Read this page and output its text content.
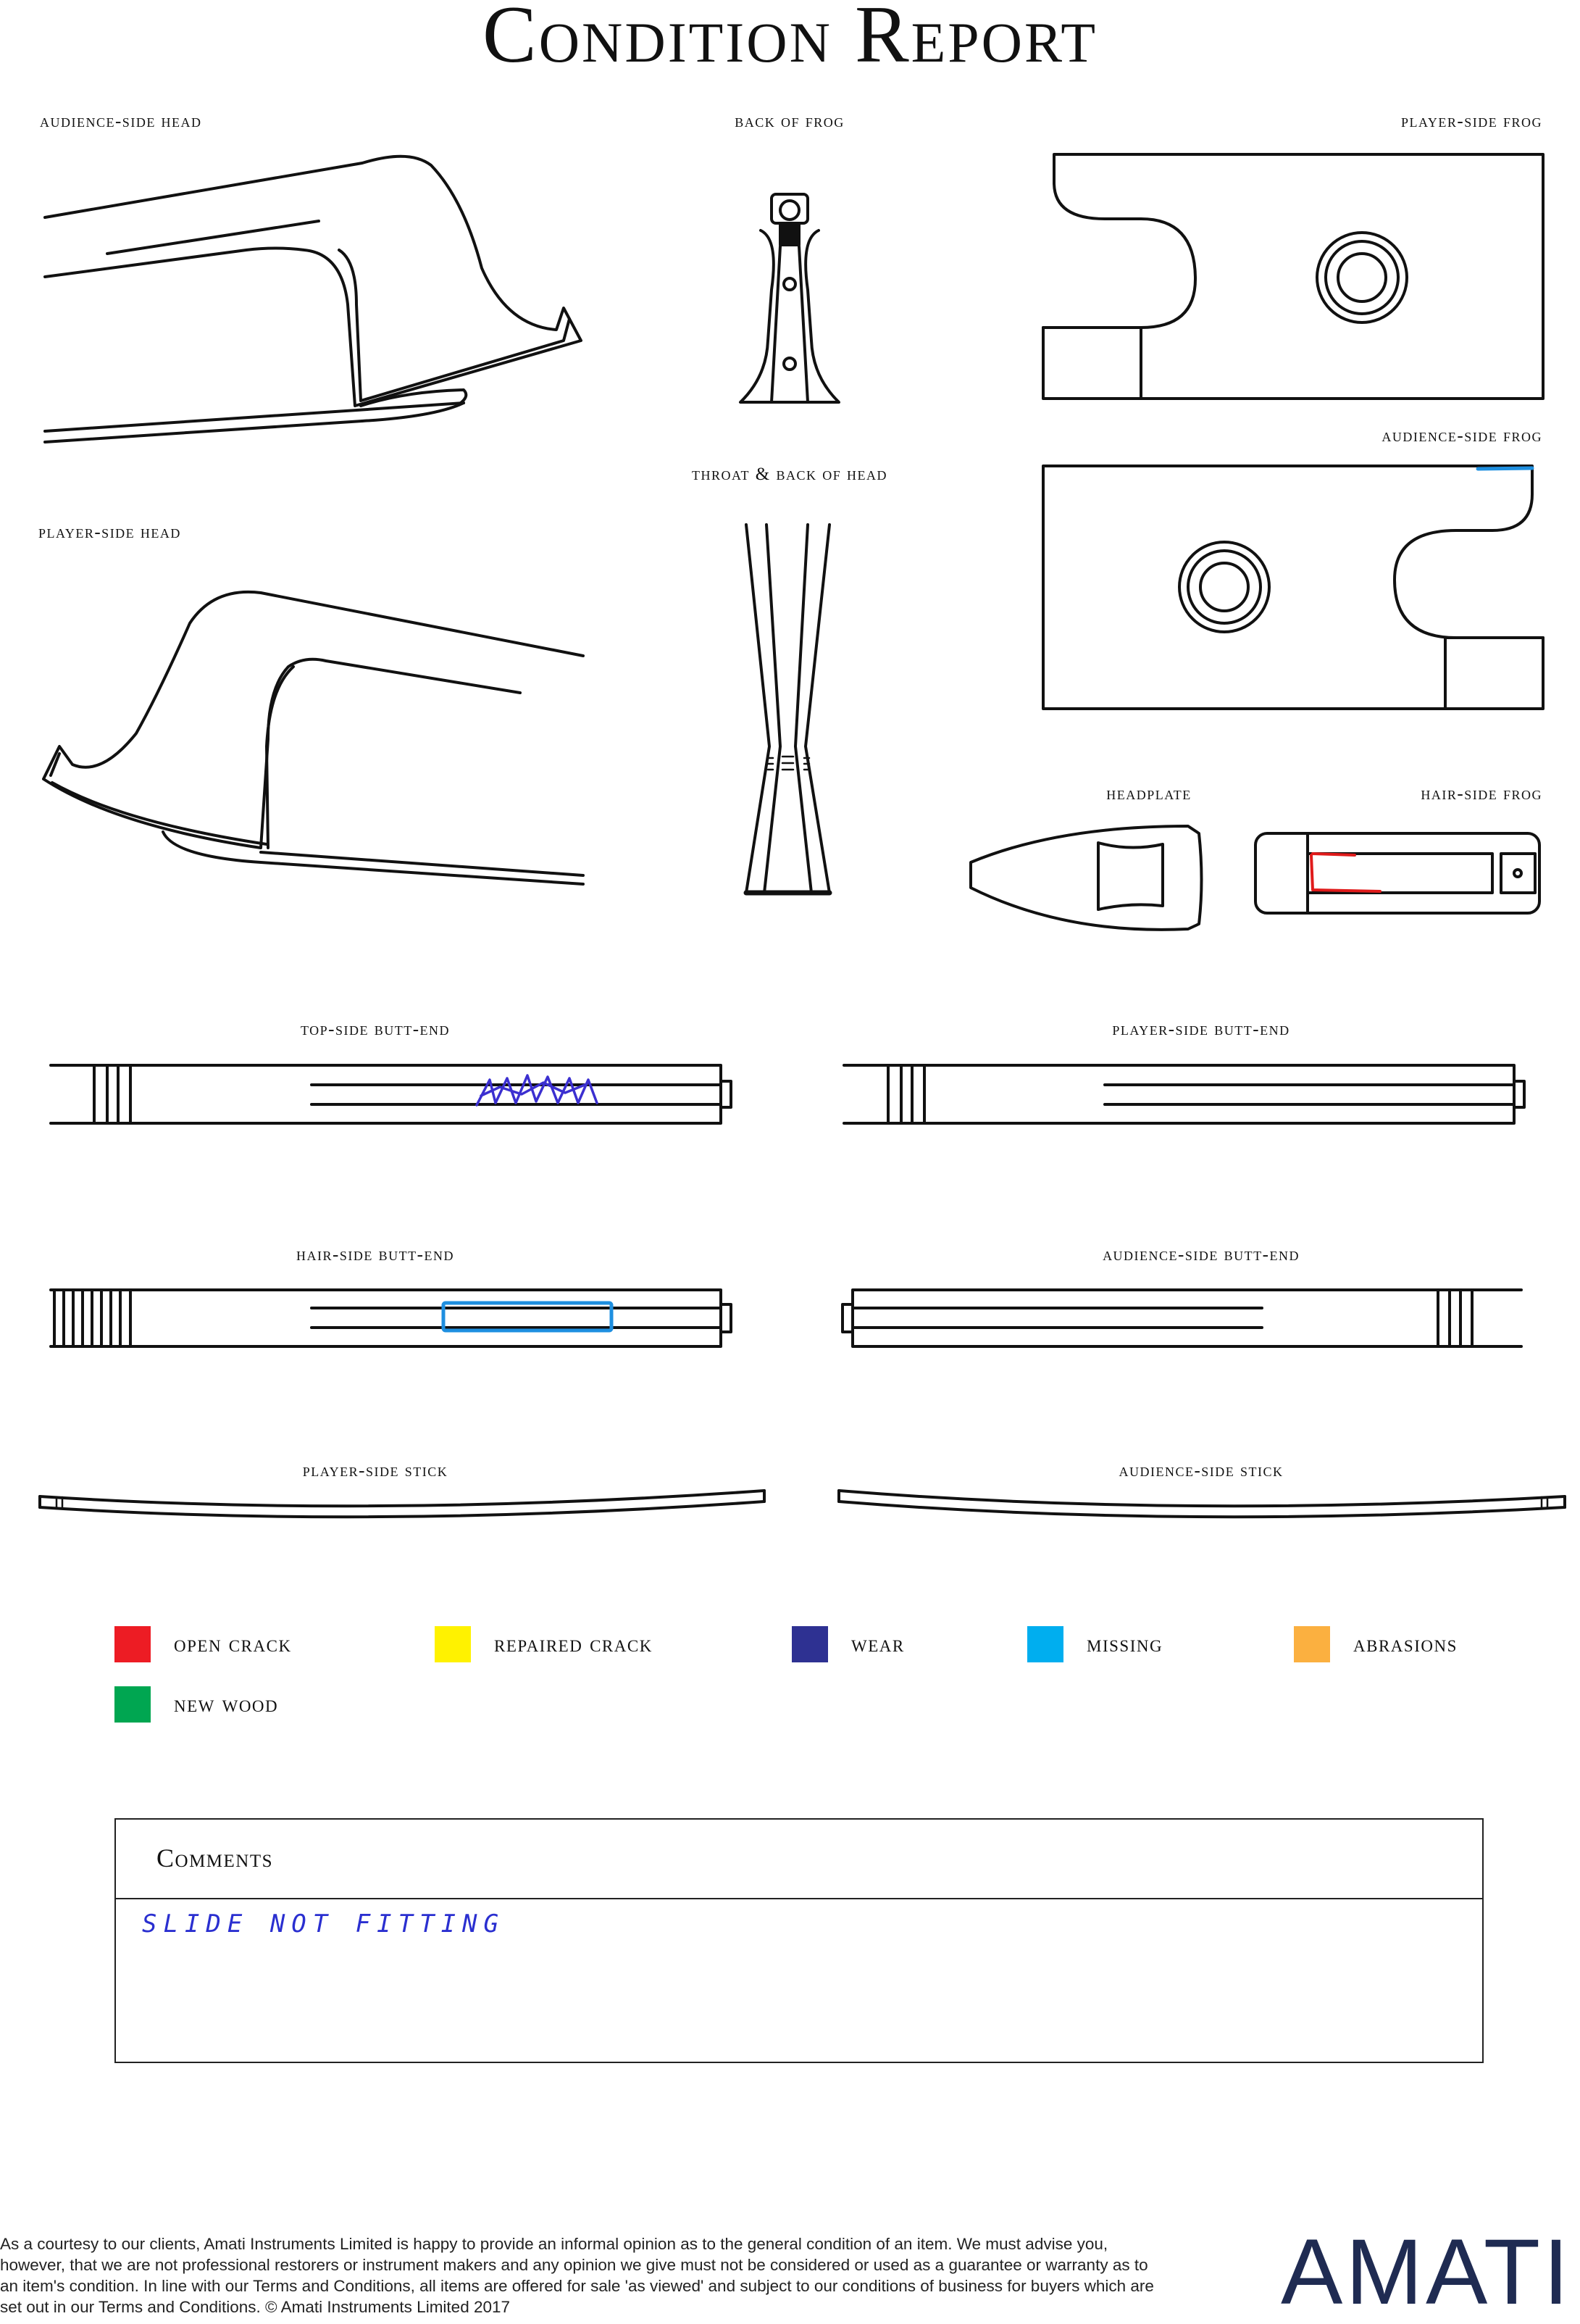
Condition Report
audience-side head	back of frog	player-side frog
audience-side frog
throat & back of head
player-side head
headplate	hair-side frog
top-side butt-end	player-side butt-end
hair-side butt-end	audience-side butt-end
player-side stick	audience-side stick
open crack	repaired crack	wear	missing	abrasions
new wood
Comments
SLIDE NOT FITTING
As a courtesy to our clients, Amati Instruments Limited is happy to provide an informal opinion as to the general condition of an item. We must advise you, however, that we are not professional restorers or instrument makers and any opinion we give must not be considered or used as a guarantee or warranty as to an item's condition. In line with our Terms and Conditions, all items are offered for sale 'as viewed' and subject to our conditions of business for buyers which are set out in our Terms and Conditions. © Amati Instruments Limited 2017	AMATI
